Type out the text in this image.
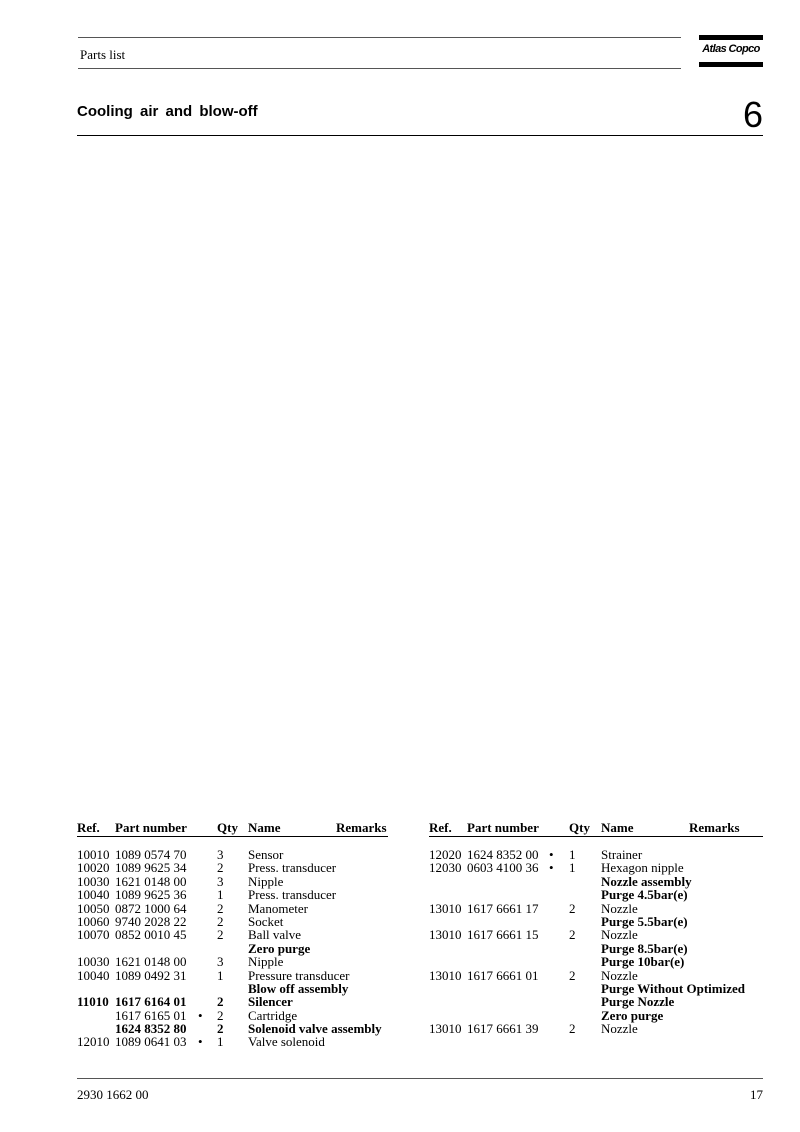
Parts list	Atlas Copco
Cooling air and blow-off	6
Ref. Part number Qty Name	Remarks
10010 1089 0574 70 3 Sensor
10020 1089 9625 34 2 Press. transducer
10030 1621 0148 00 3 Nipple
10040 1089 9625 36 1 Press. transducer
10050 0872 1000 64 2 Manometer
10060 9740 2028 22 2 Socket
10070 0852 0010 45 2 Ball valve
Zero purge
10030 1621 0148 00 3 Nipple
10040 1089 0492 31 1 Pressure transducer
Blow off assembly
11010 1617 6164 01 2 Silencer
1617 6165 01 • 2 Cartridge
1624 8352 80 2 Solenoid valve assembly
12010 1089 0641 03 • 1 Valve solenoid
Ref. Part number Qty Name	Remarks
12020 1624 8352 00 • 1 Strainer
12030 0603 4100 36 • 1 Hexagon nipple
Nozzle assembly
Purge 4.5bar(e)
13010 1617 6661 17 2 Nozzle
Purge 5.5bar(e)
13010 1617 6661 15 2 Nozzle
Purge 8.5bar(e)
Purge 10bar(e)
13010 1617 6661 01 2 Nozzle
Purge Without Optimized
Purge Nozzle
Zero purge
13010 1617 6661 39 2 Nozzle
2930 1662 00	17
